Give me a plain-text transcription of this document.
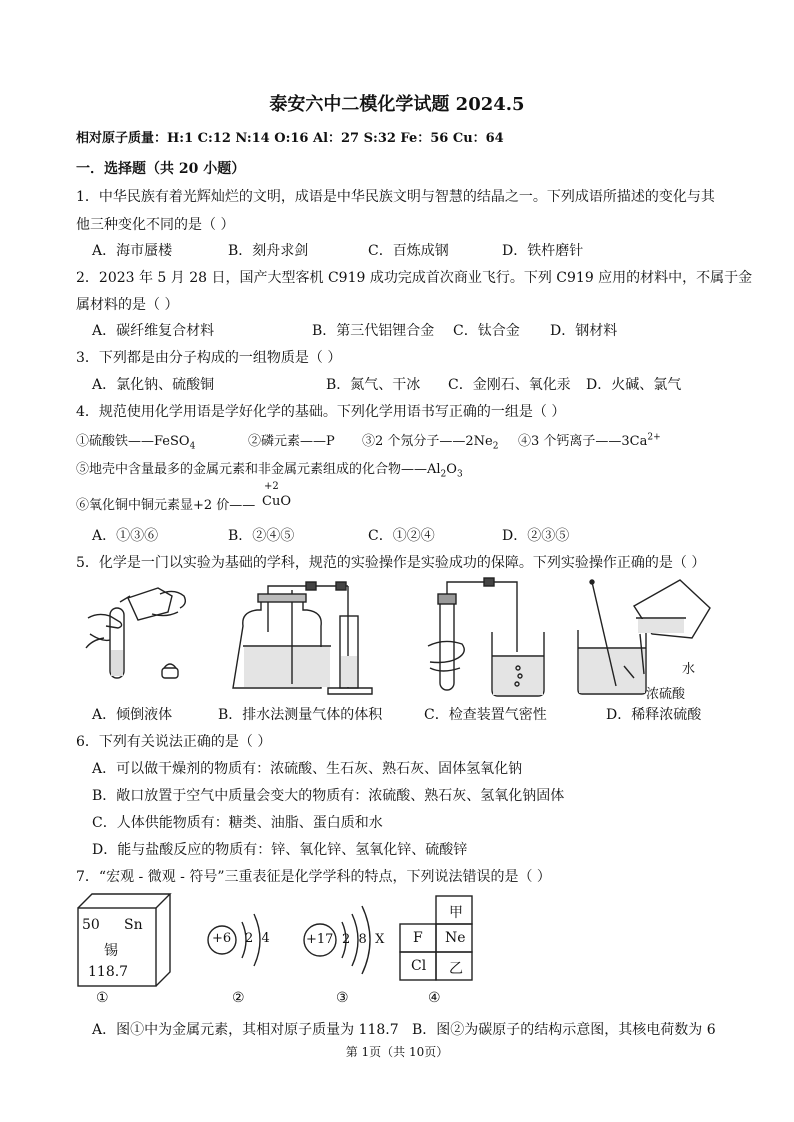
泰安六中二模化学试题 2024.5
相对原子质量：H:1 C:12 N:14 O:16 Al：27 S:32 Fe：56 Cu：64
一．选择题（共 20 小题）
1．中华民族有着光辉灿烂的文明，成语是中华民族文明与智慧的结晶之一。下列成语所描述的变化与其
他三种变化不同的是（ ）
A．海市蜃楼	B．刻舟求剑	C．百炼成钢	D．铁杵磨针
2．2023 年 5 月 28 日，国产大型客机 C919 成功完成首次商业飞行。下列 C919 应用的材料中，不属于金
属材料的是（ ）
A．碳纤维复合材料	B．第三代铝锂合金 C．钛合金 D．钢材料
3．下列都是由分子构成的一组物质是（ ）
A．氯化钠、硫酸铜	B．氮气、干冰 C．金刚石、氧化汞 D．火碱、氯气
4．规范使用化学用语是学好化学的基础。下列化学用语书写正确的一组是（ ）
①硫酸铁——FeSO$_4$	②磷元素——P ③2 个氖分子$——2Ne_2$ ④3 个钙离子$——3Ca^{2+}$
⑤地壳中含量最多的金属元素和非金属元素组成的化合物$——Al_2O_3$
⑥氧化铜中铜元素显+2 价——
+2
CuO
A．①③⑥	B．②④⑤	C．①②④	D．②③⑤
5．化学是一门以实验为基础的学科，规范的实验操作是实验成功的保障。下列实验操作正确的是（ ）
水
浓硫酸
A．倾倒液体	B．排水法测量气体的体积	C．检查装置气密性	D．稀释浓硫酸
6．下列有关说法正确的是（ ）
A．可以做干燥剂的物质有：浓硫酸、生石灰、熟石灰、固体氢氧化钠
B．敞口放置于空气中质量会变大的物质有：浓硫酸、熟石灰、氢氧化钠固体
C．人体供能物质有：糖类、油脂、蛋白质和水
D．能与盐酸反应的物质有：锌、氧化锌、氢氧化锌、硫酸锌
7．“宏观 - 微观 - 符号”三重表征是化学学科的特点，下列说法错误的是（ ）
50 Sn
锡
118.7
①
+6 2  4
②
+17 2  8  X
③
甲
F Ne
Cl 乙
④
A．图①中为金属元素，其相对原子质量为 118.7 B．图②为碳原子的结构示意图，其核电荷数为 6
第 1页（共 10页）
